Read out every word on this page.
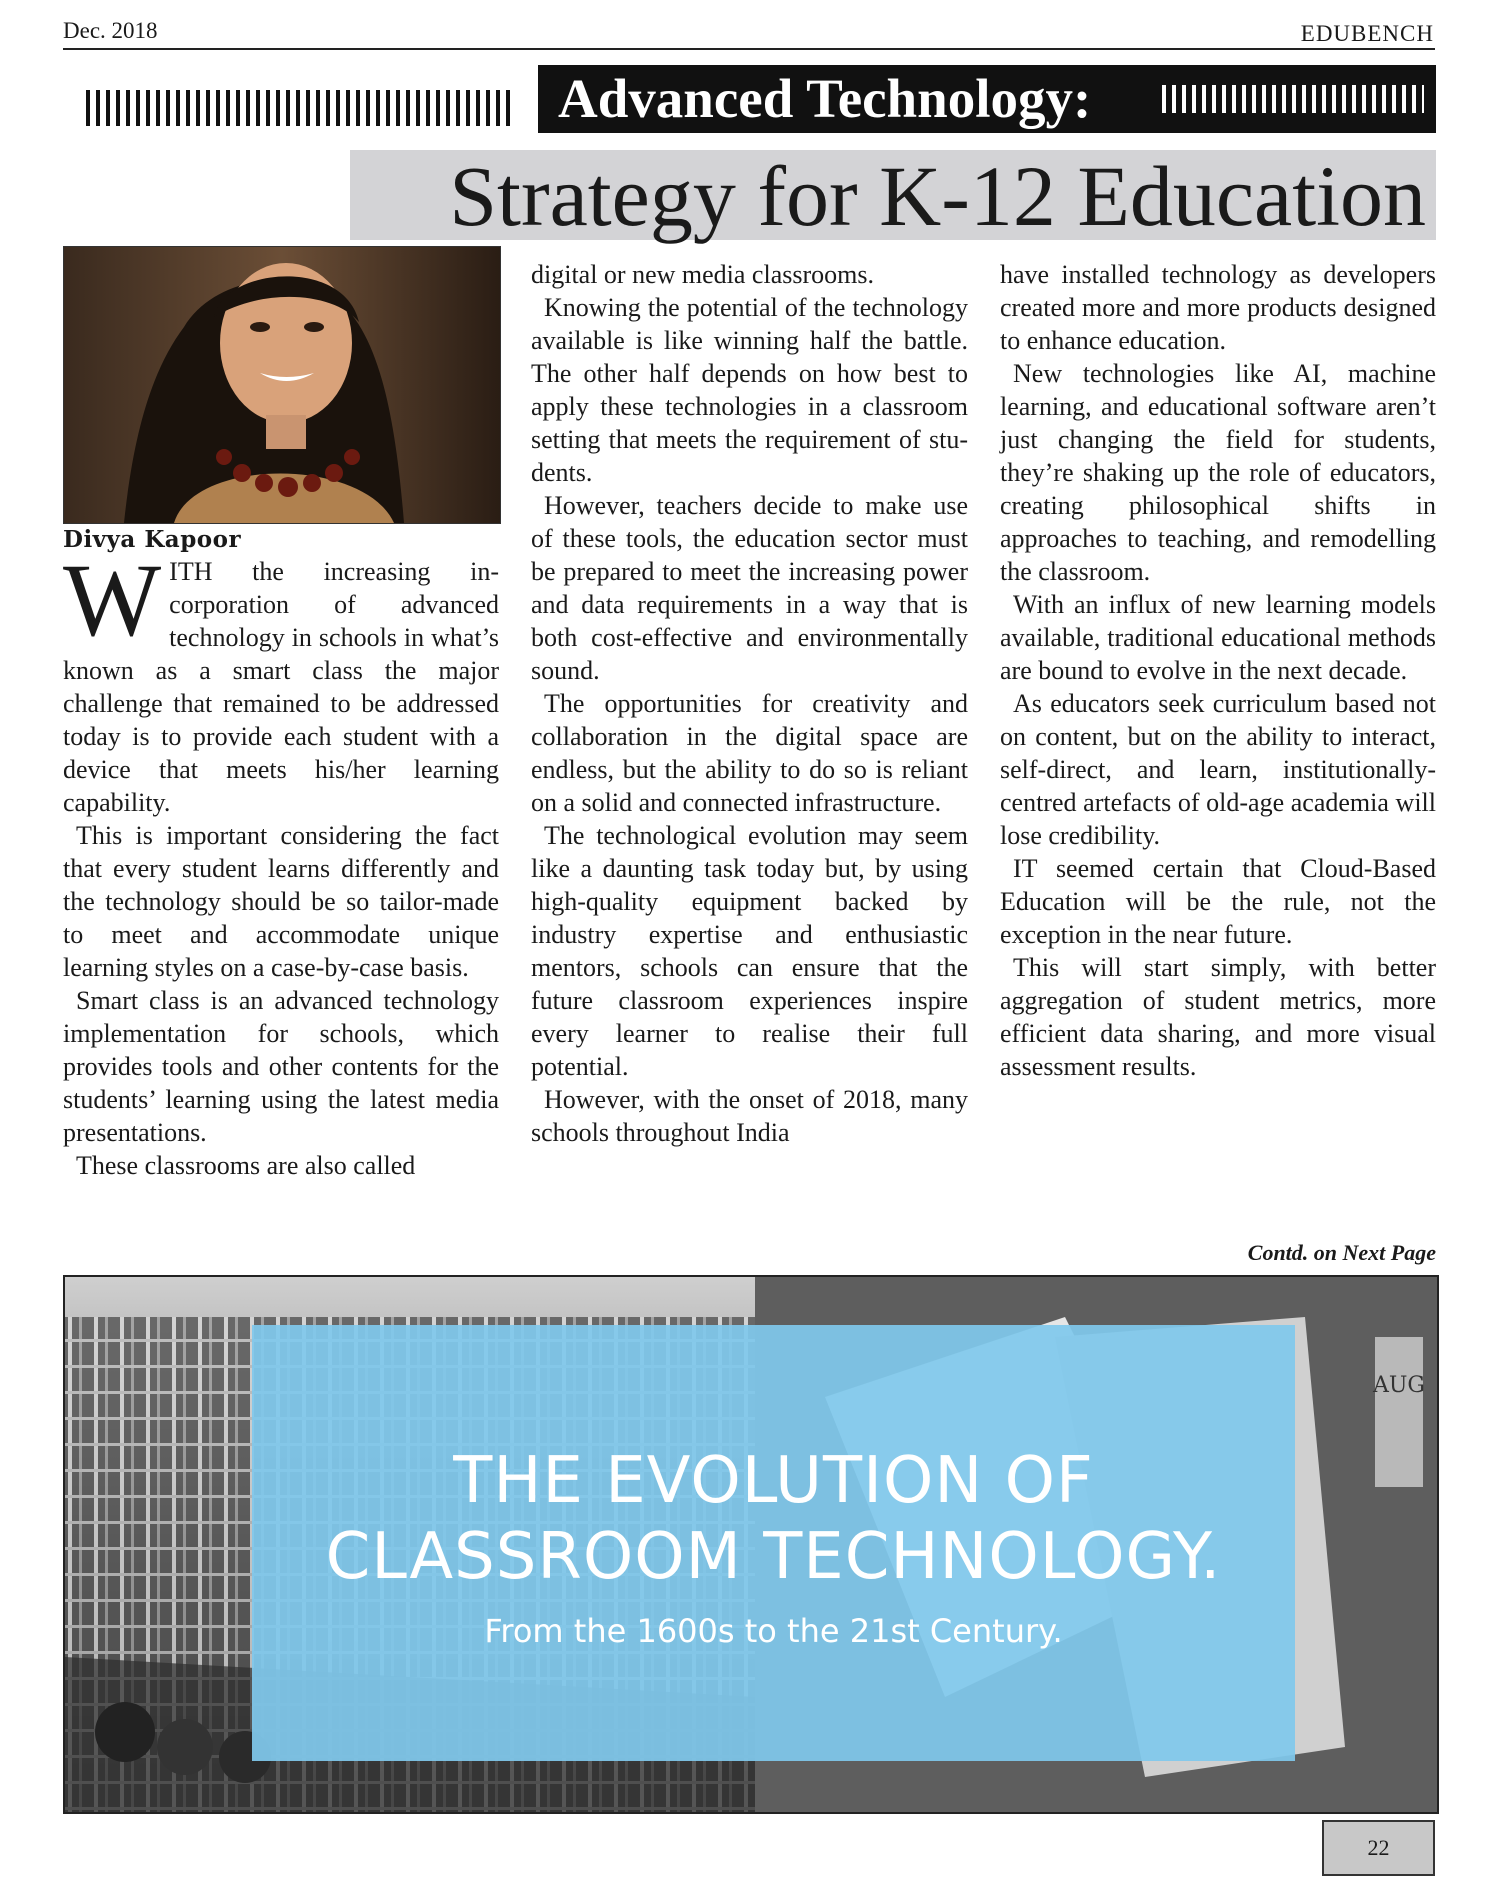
Dec. 2018	EDUBENCH
Advanced Technology:
Strategy for K-12 Education
Divya Kapoor

WITH the increasing incorporation of advanced technology in schools in what’s known as a smart class the major challenge that remained to be addressed today is to provide each student with a device that meets his/her learning capability.

This is important considering the fact that every student learns differently and the technology should be so tailor-made to meet and accommodate unique learning styles on a case-by-case basis.

Smart class is an advanced technology implementation for schools, which provides tools and other contents for the students’ learning using the latest media presentations.

These classrooms are also called

digital or new media classrooms.

Knowing the potential of the technology available is like winning half the battle. The other half depends on how best to apply these technologies in a classroom setting that meets the requirement of students.

However, teachers decide to make use of these tools, the education sector must be prepared to meet the increasing power and data requirements in a way that is both cost-effective and environmentally sound.

The opportunities for creativity and collaboration in the digital space are endless, but the ability to do so is reliant on a solid and connected infrastructure.

The technological evolution may seem like a daunting task today but, by using high-quality equipment backed by industry expertise and enthusiastic mentors, schools can ensure that the future classroom experiences inspire every learner to realise their full potential.

However, with the onset of 2018, many schools throughout India

have installed technology as developers created more and more products designed to enhance education.

New technologies like AI, machine learning, and educational software aren’t just changing the field for students, they’re shaking up the role of educators, creating philosophical shifts in approaches to teaching, and remodelling the classroom.

With an influx of new learning models available, traditional educational methods are bound to evolve in the next decade.

As educators seek curriculum based not on content, but on the ability to interact, self-direct, and learn, institutionally-centred artefacts of old-age academia will lose credibility.

IT seemed certain that Cloud-Based Education will be the rule, not the exception in the near future.

This will start simply, with better aggregation of student metrics, more efficient data sharing, and more visual assessment results.

Contd. on Next Page
AUG
THE EVOLUTION OF
CLASSROOM TECHNOLOGY.
From the 1600s to the 21st Century.
22
